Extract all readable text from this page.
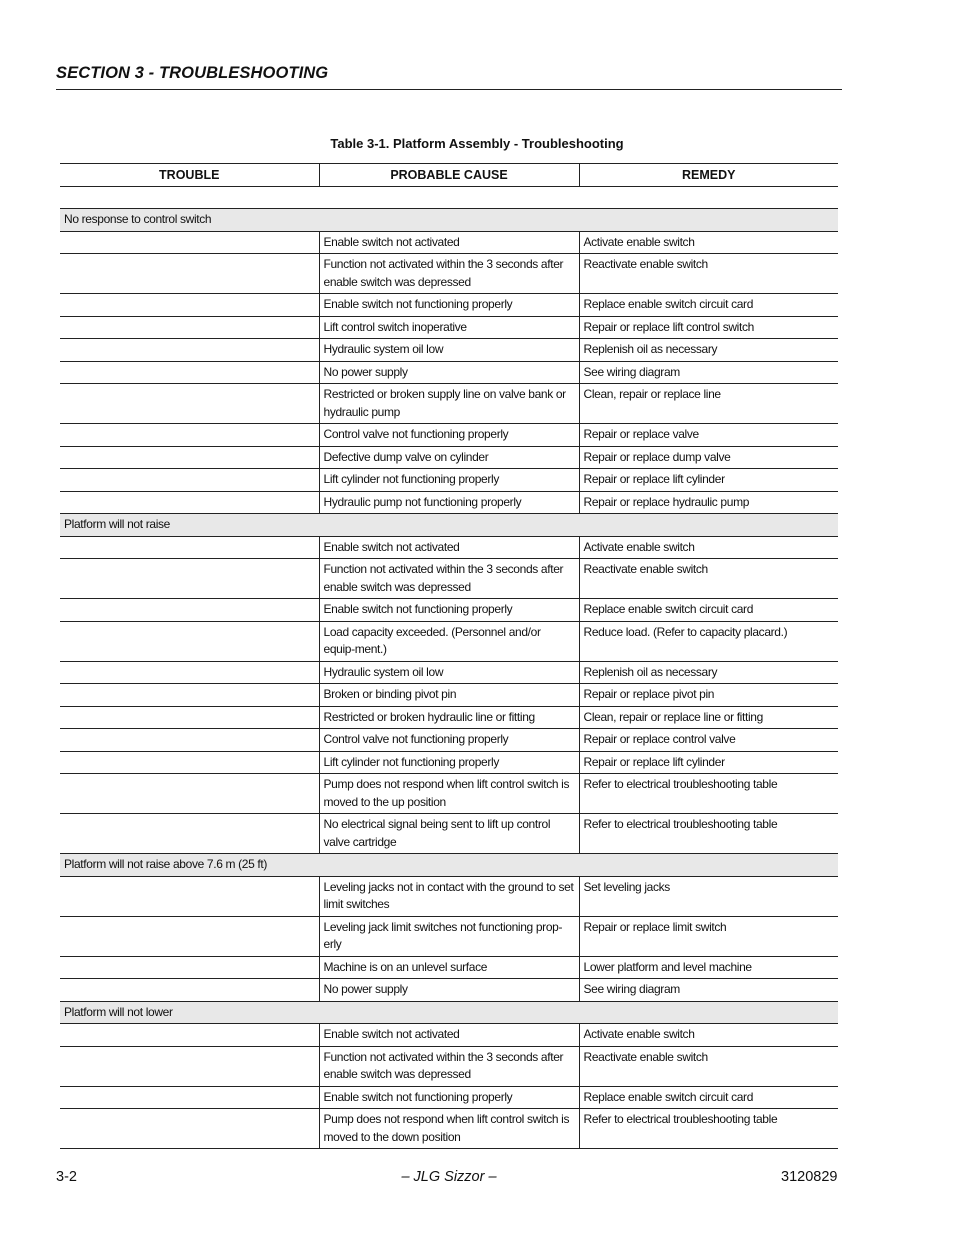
SECTION 3 - TROUBLESHOOTING
Table 3-1. Platform Assembly - Troubleshooting
TROUBLE	PROBABLE CAUSE	REMEDY

No response to control switch		
	Enable switch not activated	Activate enable switch
	Function not activated within the 3 seconds after enable switch was depressed	Reactivate enable switch
	Enable switch not functioning properly	Replace enable switch circuit card
	Lift control switch inoperative	Repair or replace lift control switch
	Hydraulic system oil low	Replenish oil as necessary
	No power supply	See wiring diagram
	Restricted or broken supply line on valve bank or hydraulic pump	Clean, repair or replace line
	Control valve not functioning properly	Repair or replace valve
	Defective dump valve on cylinder	Repair or replace dump valve
	Lift cylinder not functioning properly	Repair or replace lift cylinder
	Hydraulic pump not functioning properly	Repair or replace hydraulic pump
Platform will not raise		
	Enable switch not activated	Activate enable switch
	Function not activated within the 3 seconds after enable switch was depressed	Reactivate enable switch
	Enable switch not functioning properly	Replace enable switch circuit card
	Load capacity exceeded. (Personnel and/or equip-ment.)	Reduce load. (Refer to capacity placard.)
	Hydraulic system oil low	Replenish oil as necessary
	Broken or binding pivot pin	Repair or replace pivot pin
	Restricted or broken hydraulic line or fitting	Clean, repair or replace line or fitting
	Control valve not functioning properly	Repair or replace control valve
	Lift cylinder not functioning properly	Repair or replace lift cylinder
	Pump does not respond when lift control switch is moved to the up position	Refer to electrical troubleshooting table
	No electrical signal being sent to lift up control valve cartridge	Refer to electrical troubleshooting table
Platform will not raise above 7.6 m (25 ft)		
	Leveling jacks not in contact with the ground to set limit switches	Set leveling jacks
	Leveling jack limit switches not functioning prop-erly	Repair or replace limit switch
	Machine is on an unlevel surface	Lower platform and level machine
	No power supply	See wiring diagram
Platform will not lower		
	Enable switch not activated	Activate enable switch
	Function not activated within the 3 seconds after enable switch was depressed	Reactivate enable switch
	Enable switch not functioning properly	Replace enable switch circuit card
	Pump does not respond when lift control switch is moved to the down position	Refer to electrical troubleshooting table
3-2	– JLG Sizzor –	3120829
